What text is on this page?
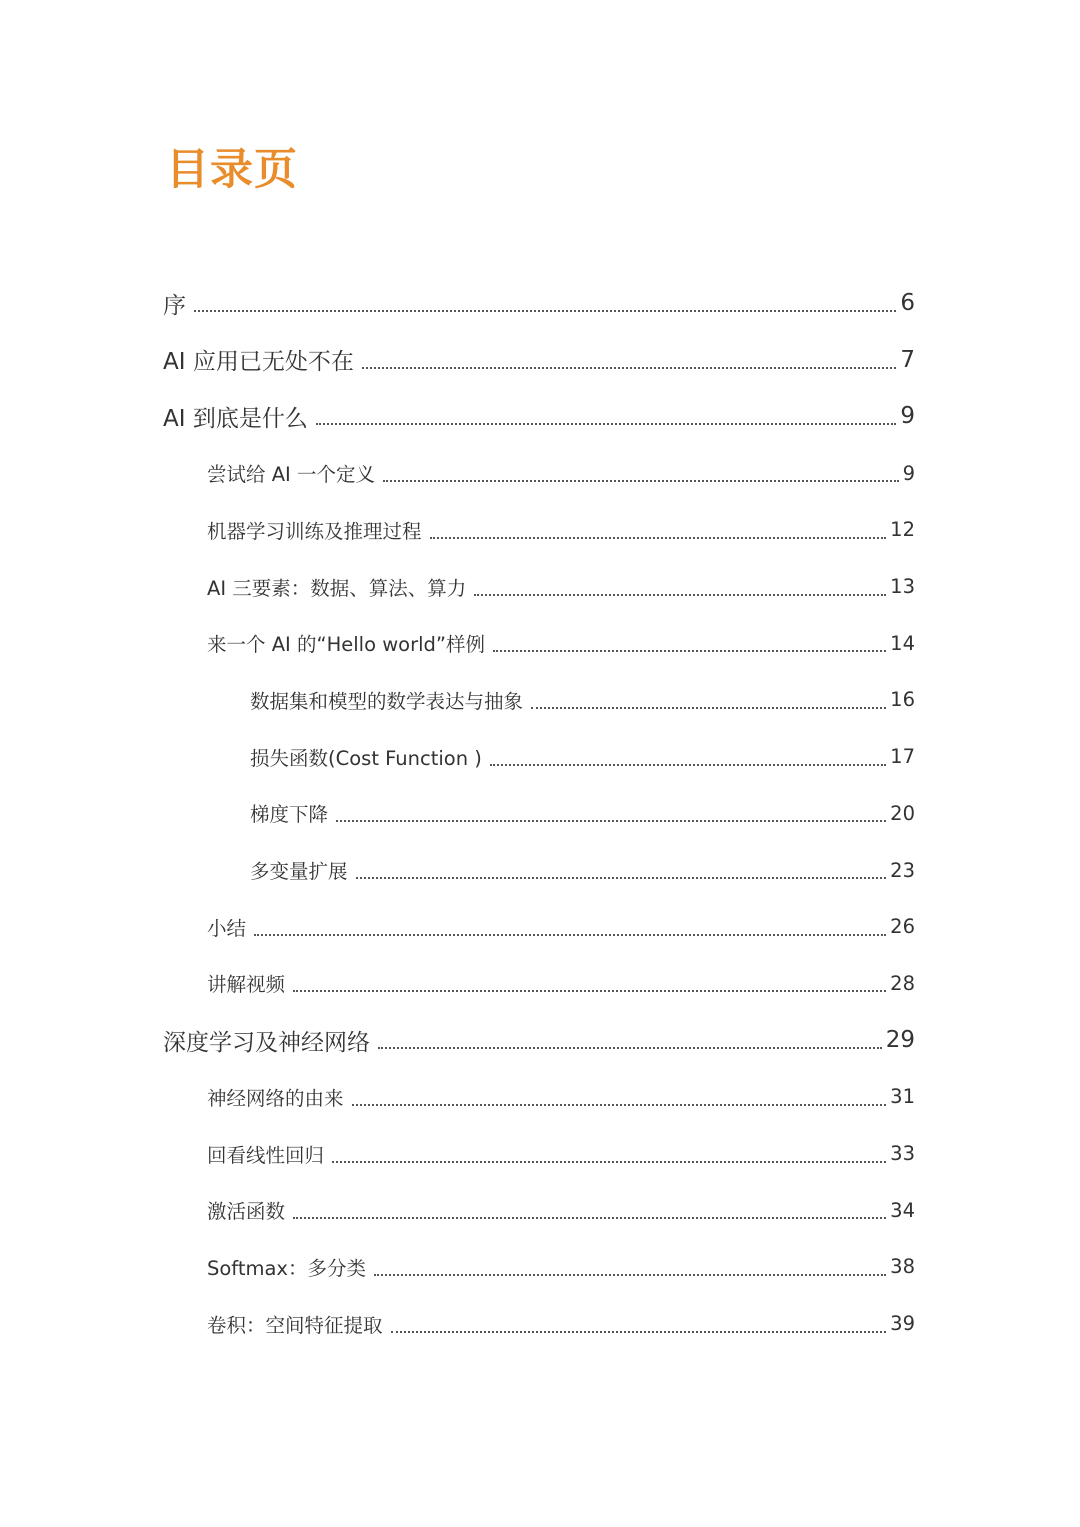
目录页
序	6
AI 应用已无处不在	7
AI 到底是什么	9
尝试给 AI 一个定义	9
机器学习训练及推理过程	12
AI 三要素：数据、算法、算力	13
来一个 AI 的“Hello world”样例	14
数据集和模型的数学表达与抽象	16
损失函数(Cost Function )	17
梯度下降	20
多变量扩展	23
小结	26
讲解视频	28
深度学习及神经网络	29
神经网络的由来	31
回看线性回归	33
激活函数	34
Softmax：多分类	38
卷积：空间特征提取	39
